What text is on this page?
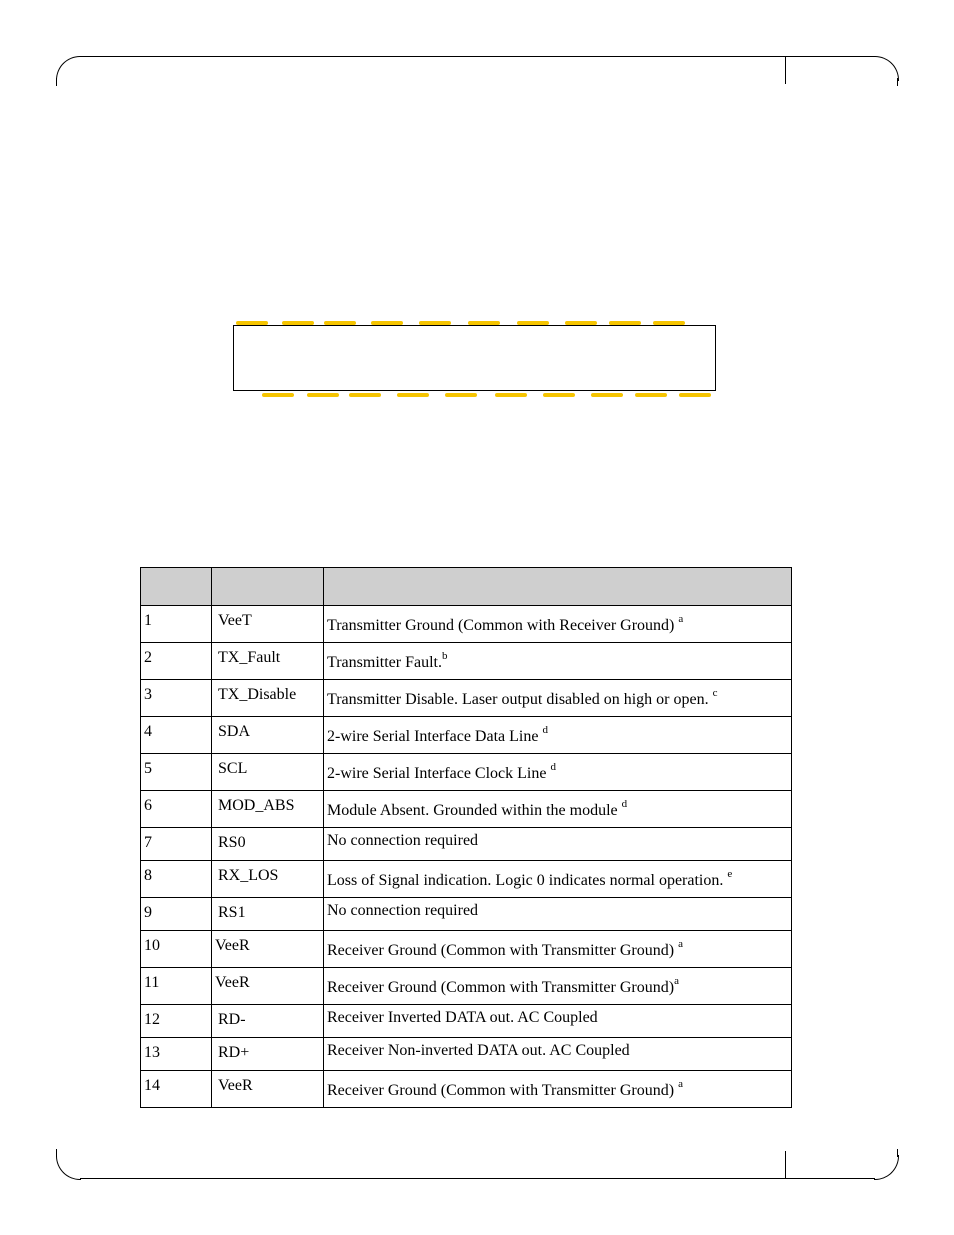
1	VeeT	Transmitter Ground (Common with Receiver Ground) $^a$
2	TX_Fault	Transmitter Fault.$^b$
3	TX_Disable	Transmitter Disable. Laser output disabled on high or open. $^c$
4	SDA	2-wire Serial Interface Data Line $^d$
5	SCL	2-wire Serial Interface Clock Line $^d$
6	MOD_ABS	Module Absent. Grounded within the module $^d$
7	RS0	No connection required
8	RX_LOS	Loss of Signal indication. Logic 0 indicates normal operation. $^e$
9	RS1	No connection required
10	VeeR	Receiver Ground (Common with Transmitter Ground) $^a$
11	VeeR	Receiver Ground (Common with Transmitter Ground)$^a$
12	RD-	Receiver Inverted DATA out. AC Coupled
13	RD+	Receiver Non-inverted DATA out. AC Coupled
14	VeeR	Receiver Ground (Common with Transmitter Ground) $^a$
